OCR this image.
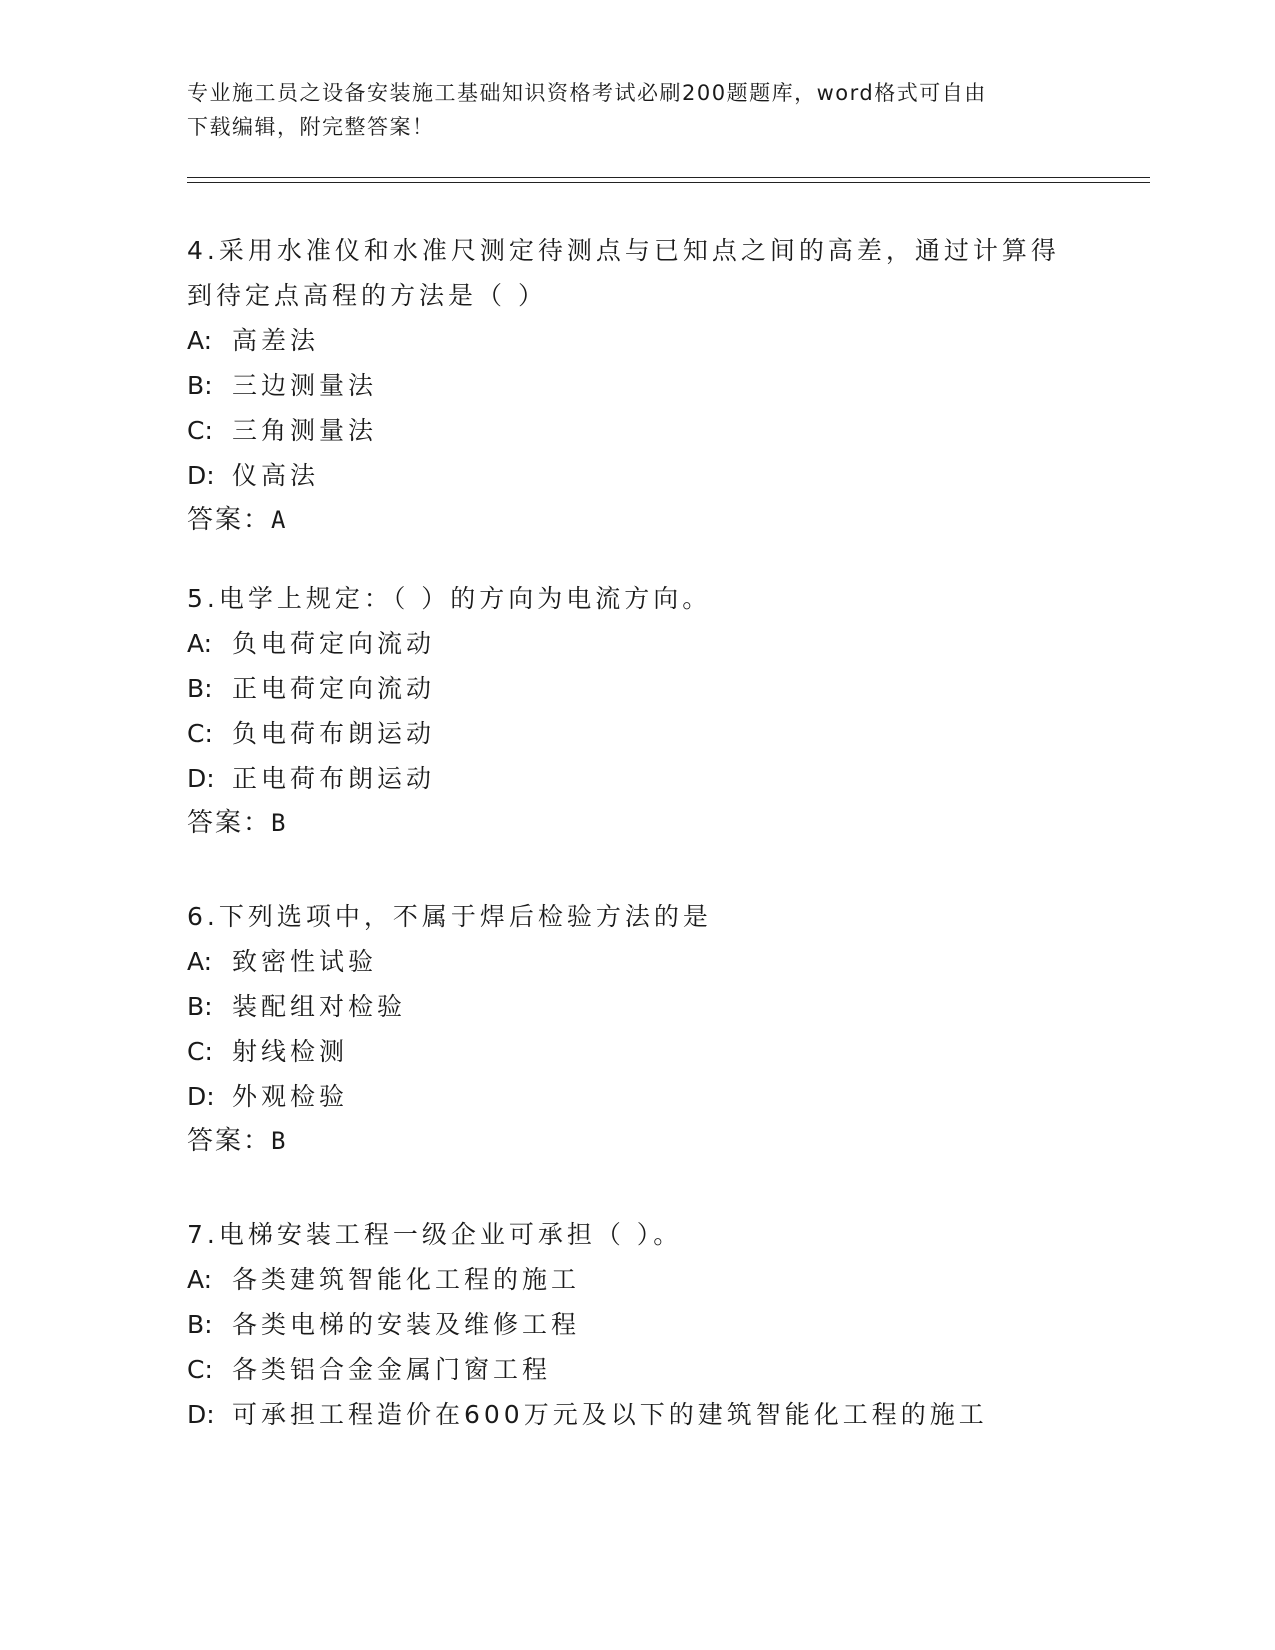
专业施工员之设备安装施工基础知识资格考试必刷200题题库，word格式可自由
下载编辑，附完整答案！

4.采用水准仪和水准尺测定待测点与已知点之间的高差，通过计算得
到待定点高程的方法是（ ）

A: 高差法

B: 三边测量法

C: 三角测量法

D: 仪高法

答案：A

5.电学上规定：（ ）的方向为电流方向。

A: 负电荷定向流动

B: 正电荷定向流动

C: 负电荷布朗运动

D: 正电荷布朗运动

答案：B

6.下列选项中，不属于焊后检验方法的是

A: 致密性试验

B: 装配组对检验

C: 射线检测

D: 外观检验

答案：B

7.电梯安装工程一级企业可承担（ ）。

A: 各类建筑智能化工程的施工

B: 各类电梯的安装及维修工程

C: 各类铝合金金属门窗工程

D: 可承担工程造价在600万元及以下的建筑智能化工程的施工
